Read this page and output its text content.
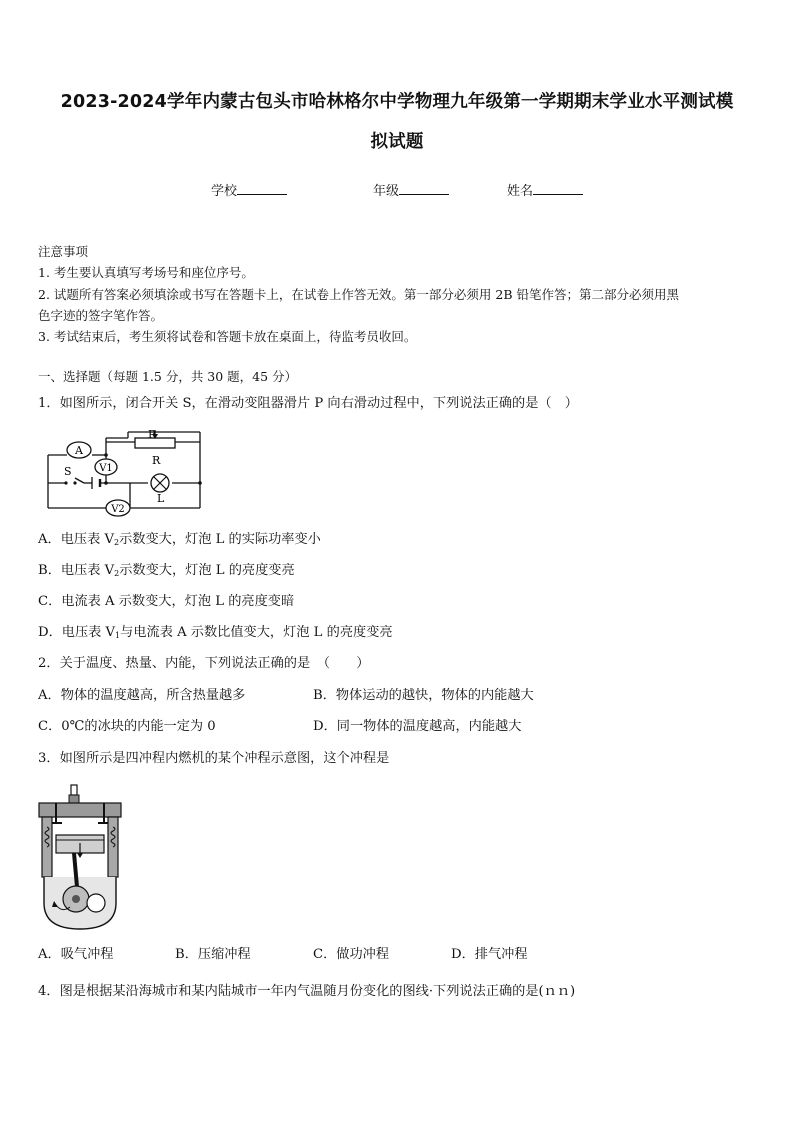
2023-2024学年内蒙古包头市哈林格尔中学物理九年级第一学期期末学业水平测试模
拟试题
学校	年级	姓名
注意事项
1. 考生要认真填写考场号和座位序号。
2. 试题所有答案必须填涂或书写在答题卡上，在试卷上作答无效。第一部分必须用 2B 铅笔作答；第二部分必须用黑
色字迹的签字笔作答。
3. 考试结束后，考生须将试卷和答题卡放在桌面上，待监考员收回。
一、选择题（每题 1.5 分，共 30 题，45 分）
1．如图所示，闭合开关 S，在滑动变阻器滑片 P 向右滑动过程中，下列说法正确的是（　）
A
V1
V2
P
R
S
L
A．电压表 $V_2$示数变大，灯泡 L 的实际功率变小
B．电压表 $V_2$示数变大，灯泡 L 的亮度变亮
C．电流表 A 示数变大，灯泡 L 的亮度变暗
D．电压表 $V_1$与电流表 A 示数比值变大，灯泡 L 的亮度变亮
2．关于温度、热量、内能，下列说法正确的是　（　　）
A．物体的温度越高，所含热量越多	B．物体运动的越快，物体的内能越大
C．0℃的冰块的内能一定为 0	D．同一物体的温度越高，内能越大
3．如图所示是四冲程内燃机的某个冲程示意图，这个冲程是
A．吸气冲程	B．压缩冲程	C．做功冲程	D．排气冲程
4．图是根据某沿海城市和某内陆城市一年内气温随月份变化的图线·下列说法正确的是(ｎｎ)
